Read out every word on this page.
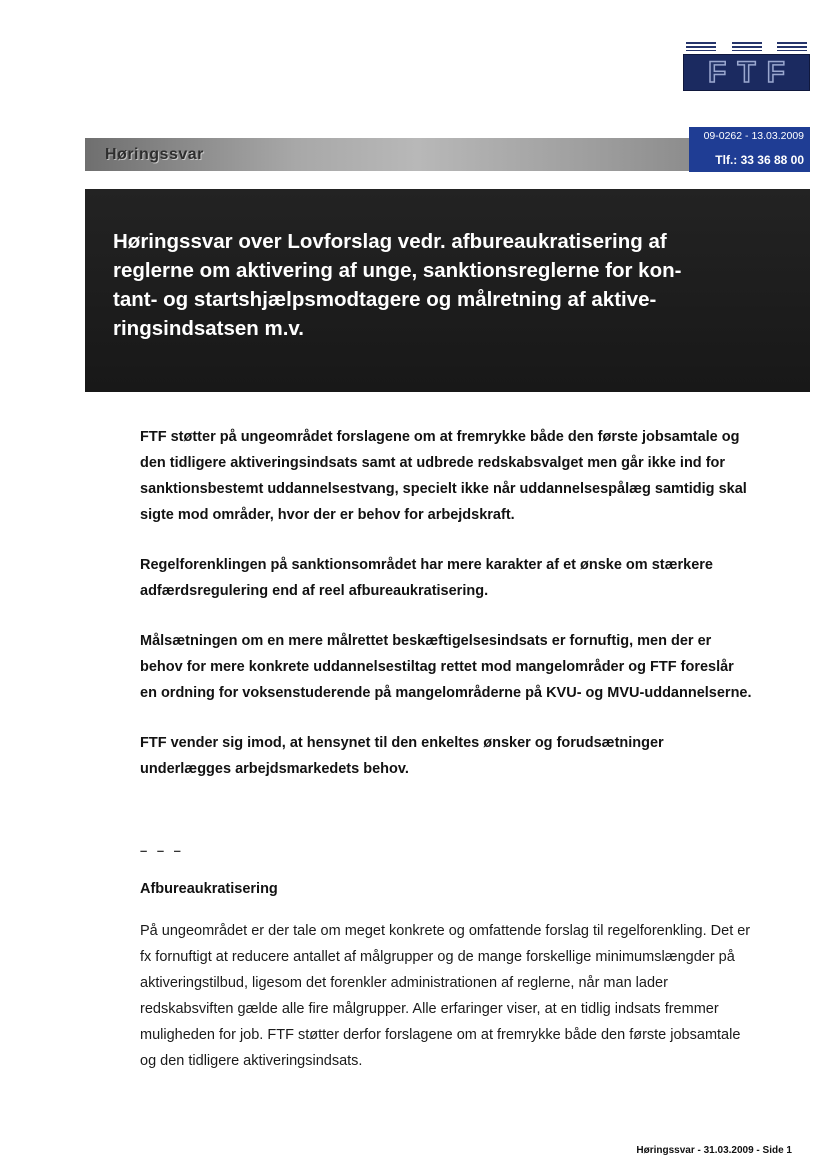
FTF
Høringssvar
09-0262 - 13.03.2009
Tlf.: 33 36 88 00
Høringssvar over Lovforslag vedr. afbureaukratisering af
reglerne om aktivering af unge, sanktionsreglerne for kon-
tant- og startshjælpsmodtagere og målretning af aktive-
ringsindsatsen m.v.

FTF støtter på ungeområdet forslagene om at fremrykke både den første jobsamtale og den tidligere aktiveringsindsats samt at udbrede redskabsvalget men går ikke ind for sanktionsbestemt uddannelsestvang, specielt ikke når uddannelsespålæg samtidig skal sigte mod områder, hvor der er behov for arbejdskraft.

Regelforenklingen på sanktionsområdet har mere karakter af et ønske om stærkere adfærdsregulering end af reel afbureaukratisering.

Målsætningen om en mere målrettet beskæftigelsesindsats er fornuftig, men der er behov for mere konkrete uddannelsestiltag rettet mod mangelområder og FTF foreslår en ordning for voksenstuderende på mangelområderne på KVU- og MVU-uddannelserne.

FTF vender sig imod, at hensynet til den enkeltes ønsker og forudsætninger underlægges arbejdsmarkedets behov.

– – –
Afbureaukratisering

På ungeområdet er der tale om meget konkrete og omfattende forslag til regelforenkling. Det er fx fornuftigt at reducere antallet af målgrupper og de mange forskellige minimumslængder på aktiveringstilbud, ligesom det forenkler administrationen af reglerne, når man lader redskabsviften gælde alle fire målgrupper. Alle erfaringer viser, at en tidlig indsats fremmer muligheden for job. FTF støtter derfor forslagene om at fremrykke både den første jobsamtale og den tidligere aktiveringsindsats.

Høringssvar - 31.03.2009 - Side 1
